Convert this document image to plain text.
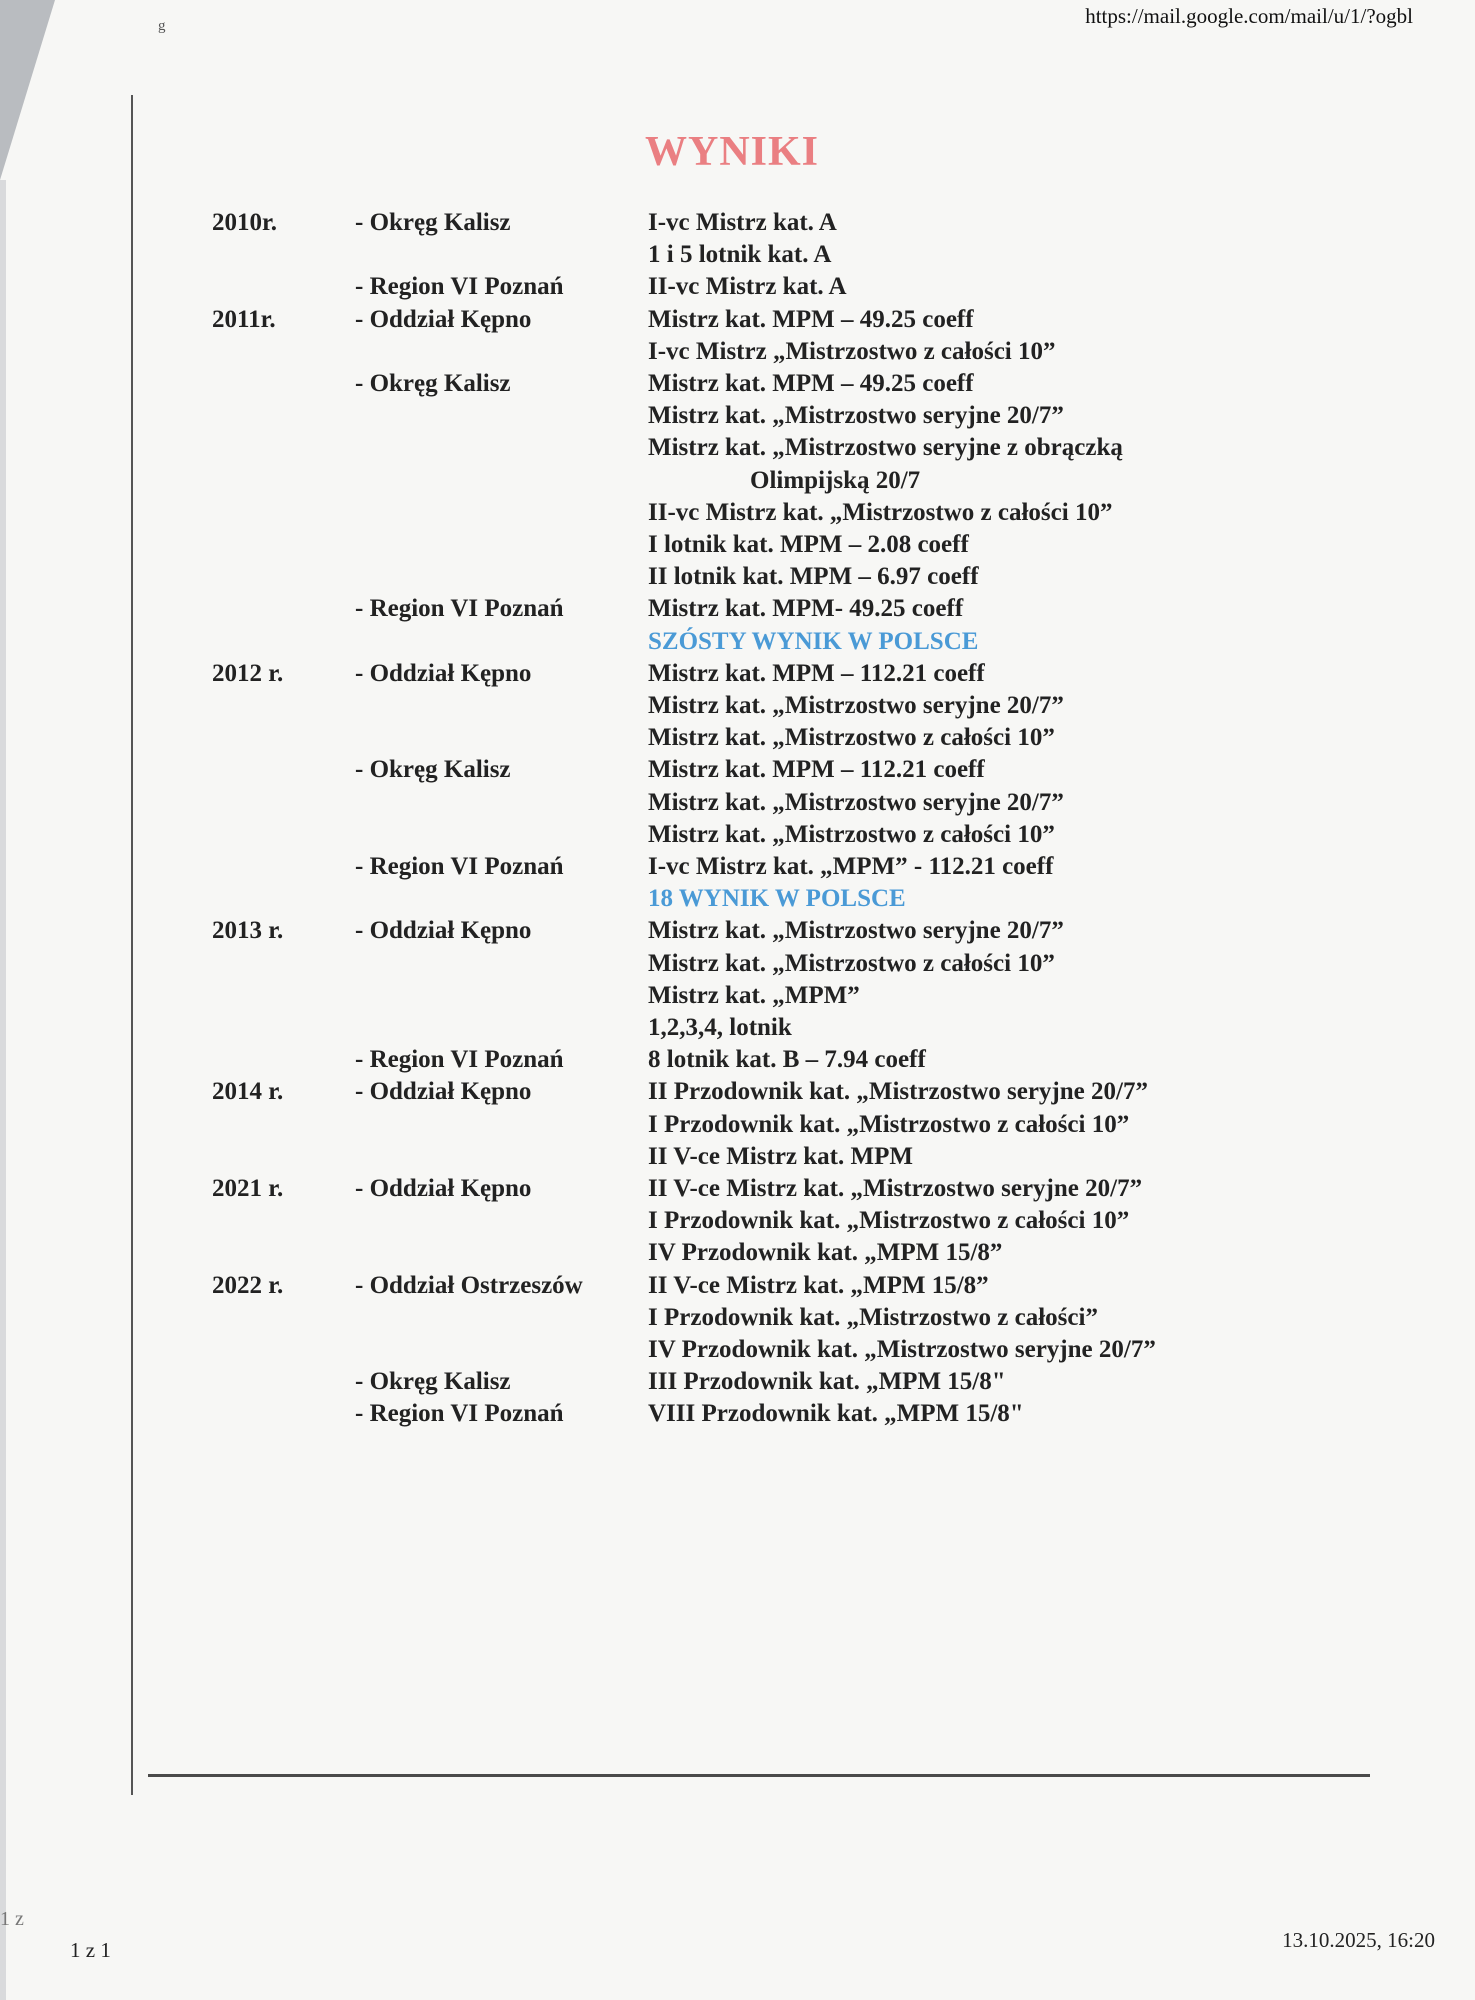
g	https://mail.google.com/mail/u/1/?ogbl
WYNIKI
2010r.	- Okręg Kalisz	I-vc Mistrz kat. A
1 i 5 lotnik kat. A
- Region VI Poznań	II-vc Mistrz kat. A
2011r.	- Oddział Kępno	Mistrz kat. MPM – 49.25 coeff
I-vc Mistrz „Mistrzostwo z całości 10”
- Okręg Kalisz	Mistrz kat. MPM – 49.25 coeff
Mistrz kat. „Mistrzostwo seryjne 20/7”
Mistrz kat. „Mistrzostwo seryjne z obrączką
Olimpijską 20/7
II-vc Mistrz kat. „Mistrzostwo z całości 10”
I lotnik kat. MPM – 2.08 coeff
II lotnik kat. MPM – 6.97 coeff
- Region VI Poznań	Mistrz kat. MPM- 49.25 coeff
SZÓSTY WYNIK W POLSCE
2012 r.	- Oddział Kępno	Mistrz kat. MPM – 112.21 coeff
Mistrz kat. „Mistrzostwo seryjne 20/7”
Mistrz kat. „Mistrzostwo z całości 10”
- Okręg Kalisz	Mistrz kat. MPM – 112.21 coeff
Mistrz kat. „Mistrzostwo seryjne 20/7”
Mistrz kat. „Mistrzostwo z całości 10”
- Region VI Poznań	I-vc Mistrz kat. „MPM” - 112.21 coeff
18 WYNIK W POLSCE
2013 r.	- Oddział Kępno	Mistrz kat. „Mistrzostwo seryjne 20/7”
Mistrz kat. „Mistrzostwo z całości 10”
Mistrz kat. „MPM”
1,2,3,4, lotnik
- Region VI Poznań	8 lotnik kat. B – 7.94 coeff
2014 r.	- Oddział Kępno	II Przodownik kat. „Mistrzostwo seryjne 20/7”
I Przodownik kat. „Mistrzostwo z całości 10”
II V-ce Mistrz kat. MPM
2021 r.	- Oddział Kępno	II V-ce Mistrz kat. „Mistrzostwo seryjne 20/7”
I Przodownik kat. „Mistrzostwo z całości 10”
IV Przodownik kat. „MPM 15/8”
2022 r.	- Oddział Ostrzeszów	II V-ce Mistrz kat. „MPM 15/8”
I Przodownik kat. „Mistrzostwo z całości”
IV Przodownik kat. „Mistrzostwo seryjne 20/7”
- Okręg Kalisz	III Przodownik kat. „MPM 15/8"
- Region VI Poznań	VIII Przodownik kat. „MPM 15/8"
1 z
1 z 1	13.10.2025, 16:20
